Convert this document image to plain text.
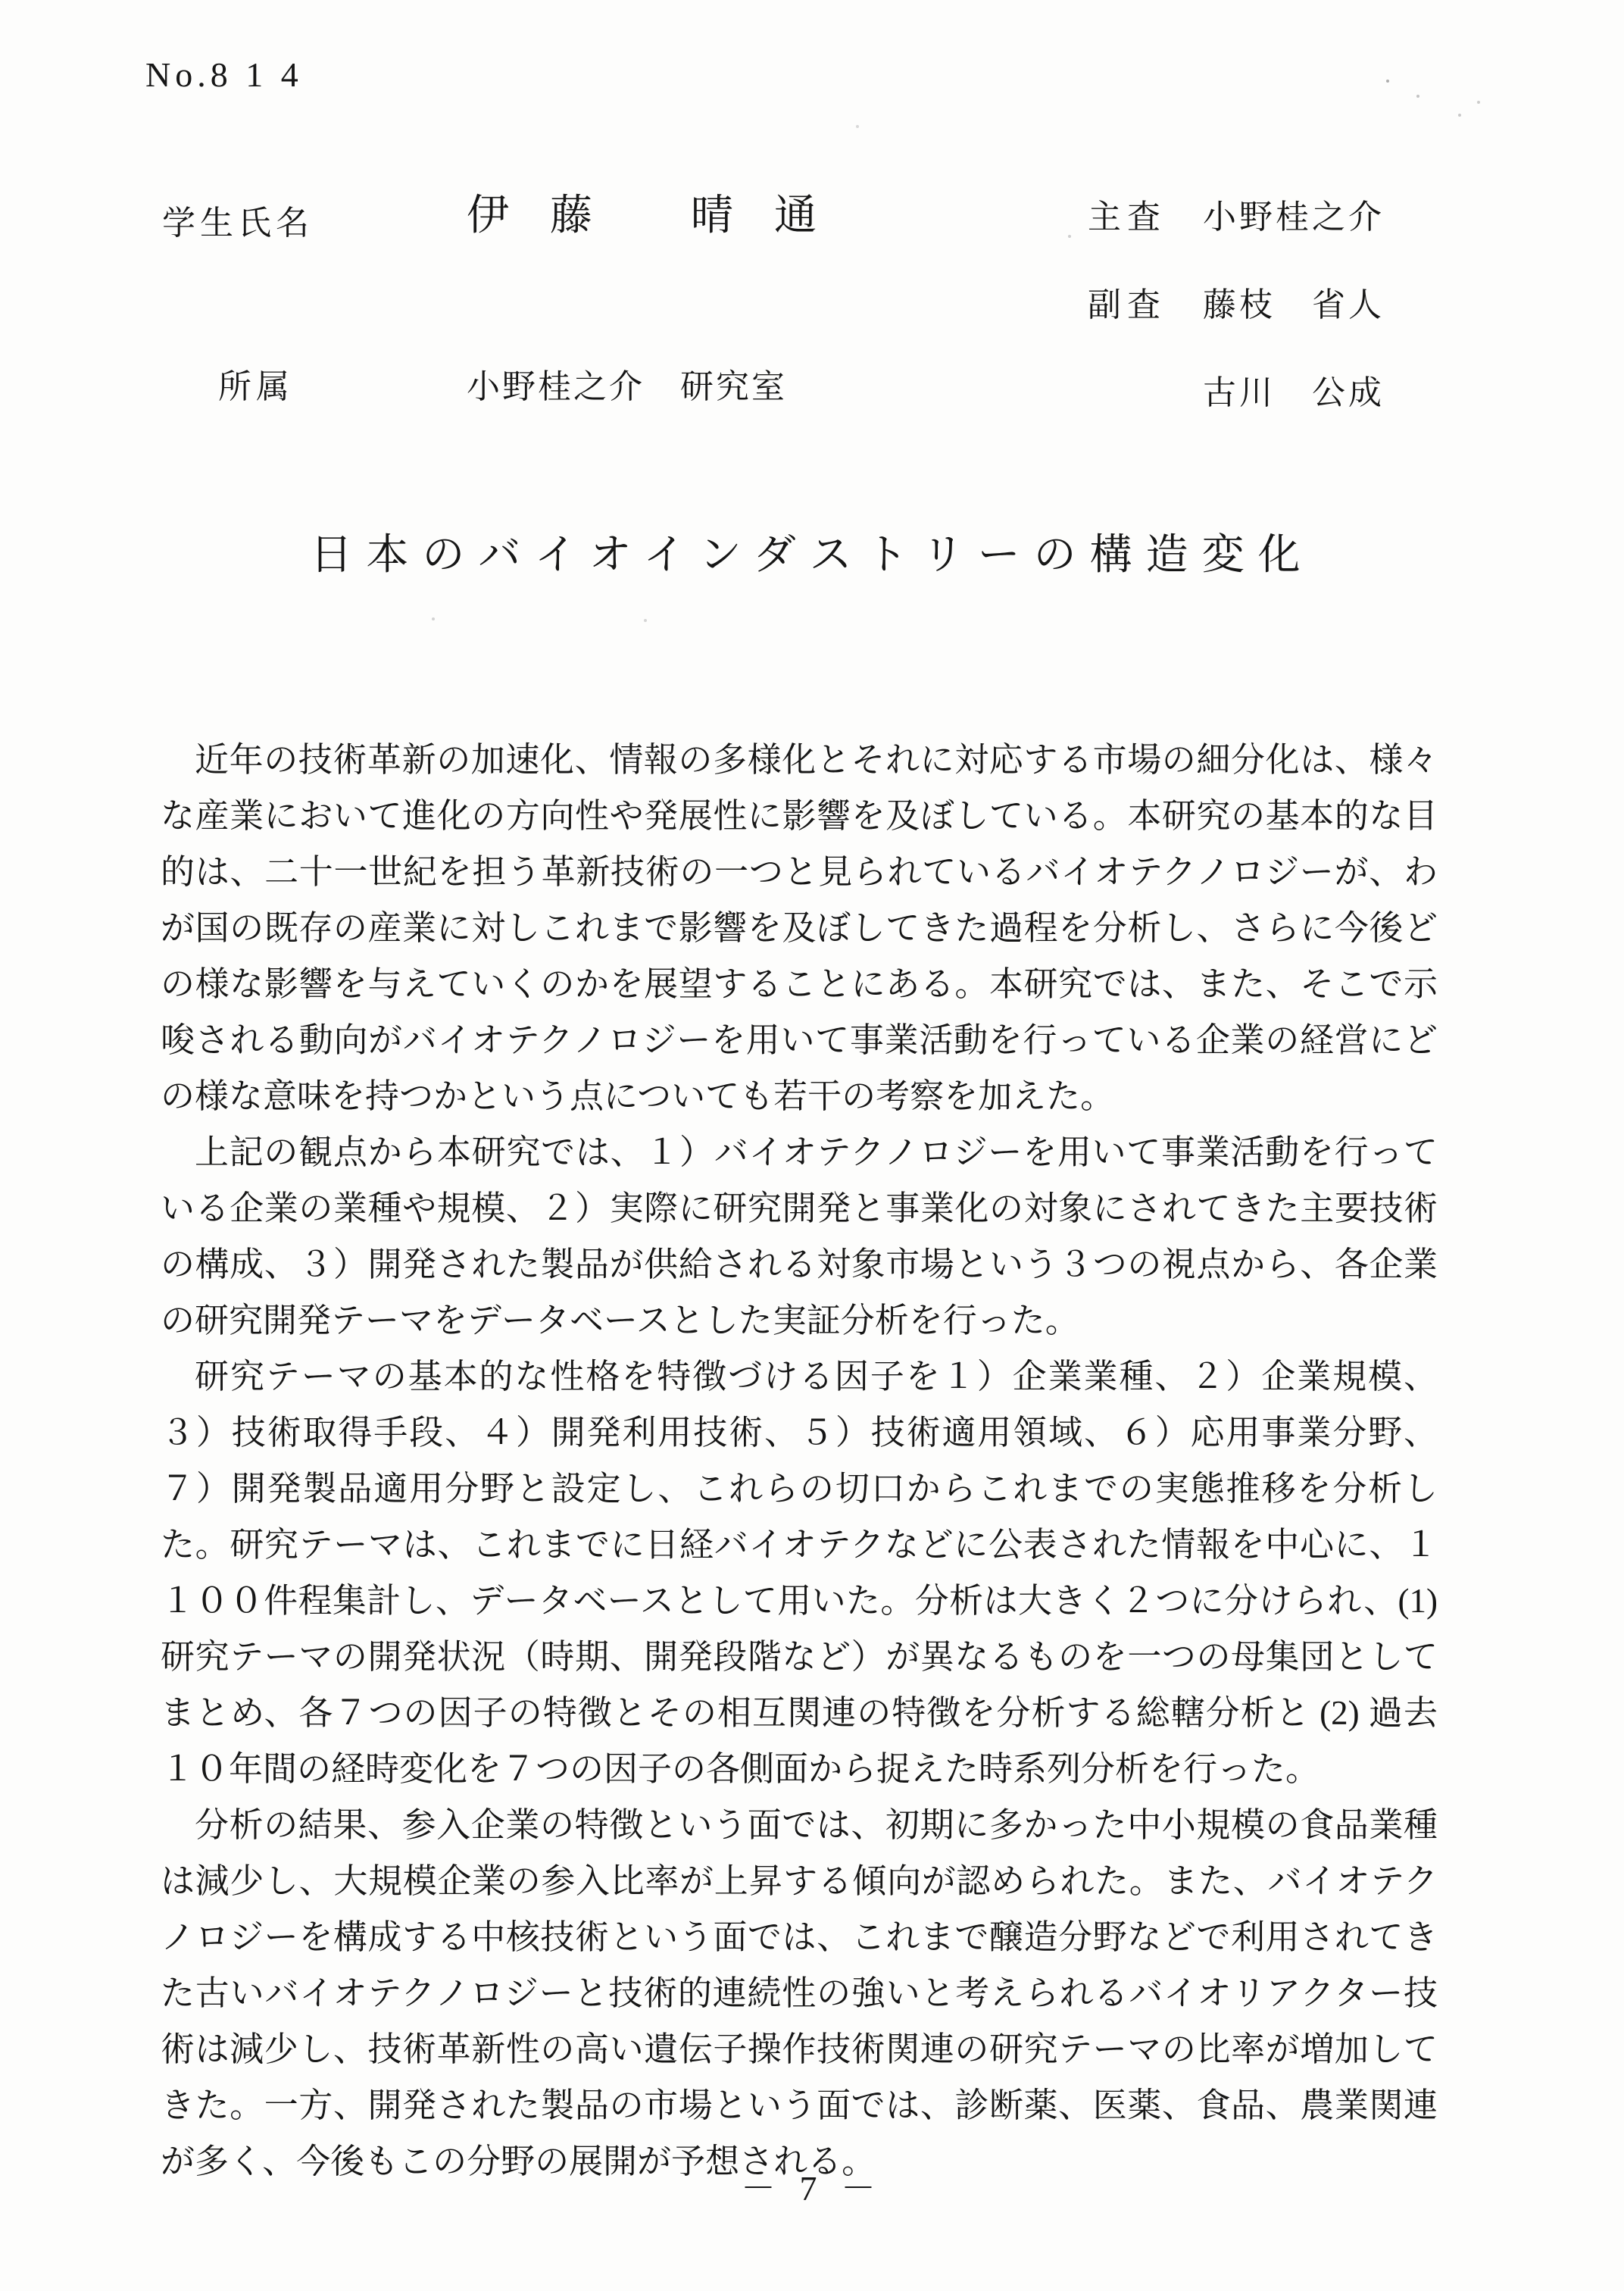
No.8 1 4
学生氏名	伊 藤　 晴 通	主査 小野桂之介
副査 藤枝　省人
古川　公成
所属	小野桂之介　研究室
日本のバイオインダストリーの構造変化

近年の技術革新の加速化、情報の多様化とそれに対応する市場の細分化は、様々な産業において進化の方向性や発展性に影響を及ぼしている。本研究の基本的な目的は、二十一世紀を担う革新技術の一つと見られているバイオテクノロジーが、わが国の既存の産業に対しこれまで影響を及ぼしてきた過程を分析し、さらに今後どの様な影響を与えていくのかを展望することにある。本研究では、また、そこで示唆される動向がバイオテクノロジーを用いて事業活動を行っている企業の経営にどの様な意味を持つかという点についても若干の考察を加えた。

上記の観点から本研究では、１）バイオテクノロジーを用いて事業活動を行っている企業の業種や規模、２）実際に研究開発と事業化の対象にされてきた主要技術の構成、３）開発された製品が供給される対象市場という３つの視点から、各企業の研究開発テーマをデータベースとした実証分析を行った。

研究テーマの基本的な性格を特徴づける因子を１）企業業種、２）企業規模、３）技術取得手段、４）開発利用技術、５）技術適用領域、６）応用事業分野、７）開発製品適用分野と設定し、これらの切口からこれまでの実態推移を分析した。研究テーマは、これまでに日経バイオテクなどに公表された情報を中心に、１１００件程集計し、データベースとして用いた。分析は大きく２つに分けられ、(1) 研究テーマの開発状況（時期、開発段階など）が異なるものを一つの母集団としてまとめ、各７つの因子の特徴とその相互関連の特徴を分析する総轄分析と (2) 過去１０年間の経時変化を７つの因子の各側面から捉えた時系列分析を行った。

分析の結果、参入企業の特徴という面では、初期に多かった中小規模の食品業種は減少し、大規模企業の参入比率が上昇する傾向が認められた。また、バイオテクノロジーを構成する中核技術という面では、これまで醸造分野などで利用されてきた古いバイオテクノロジーと技術的連続性の強いと考えられるバイオリアクター技術は減少し、技術革新性の高い遺伝子操作技術関連の研究テーマの比率が増加してきた。一方、開発された製品の市場という面では、診断薬、医薬、食品、農業関連が多く、今後もこの分野の展開が予想される。

－ 7 －
